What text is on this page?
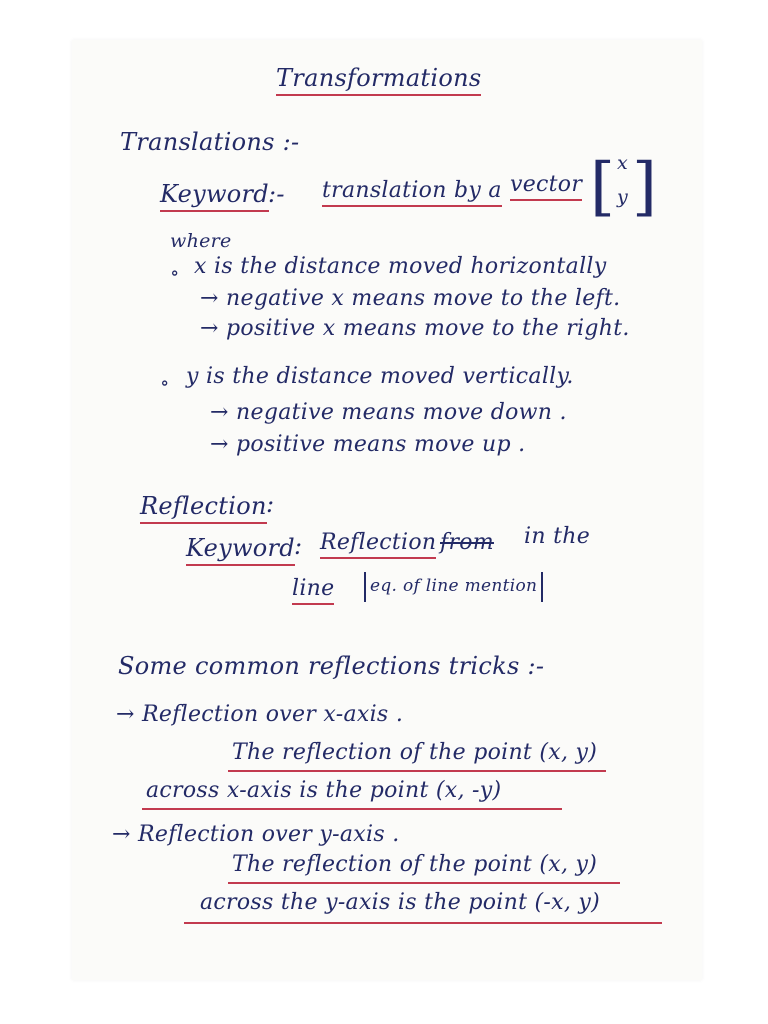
Transformations
Translations :-
Keyword :- translation by a vector [ x
y ]
where
∘ x is the distance moved horizontally
→ negative x means move to the left.
→ positive x means move to the right.
∘ y is the distance moved vertically.
→ negative means move down .
→ positive means move up .
Reflection :
Keyword : Reflection from in the
line	eq. of line mention
Some common reflections tricks :-
→ Reflection over x-axis .
The reflection of the point (x, y)
across x-axis is the point (x, -y)
→ Reflection over y-axis .
The reflection of the point (x, y)
across the y-axis is the point (-x, y)
